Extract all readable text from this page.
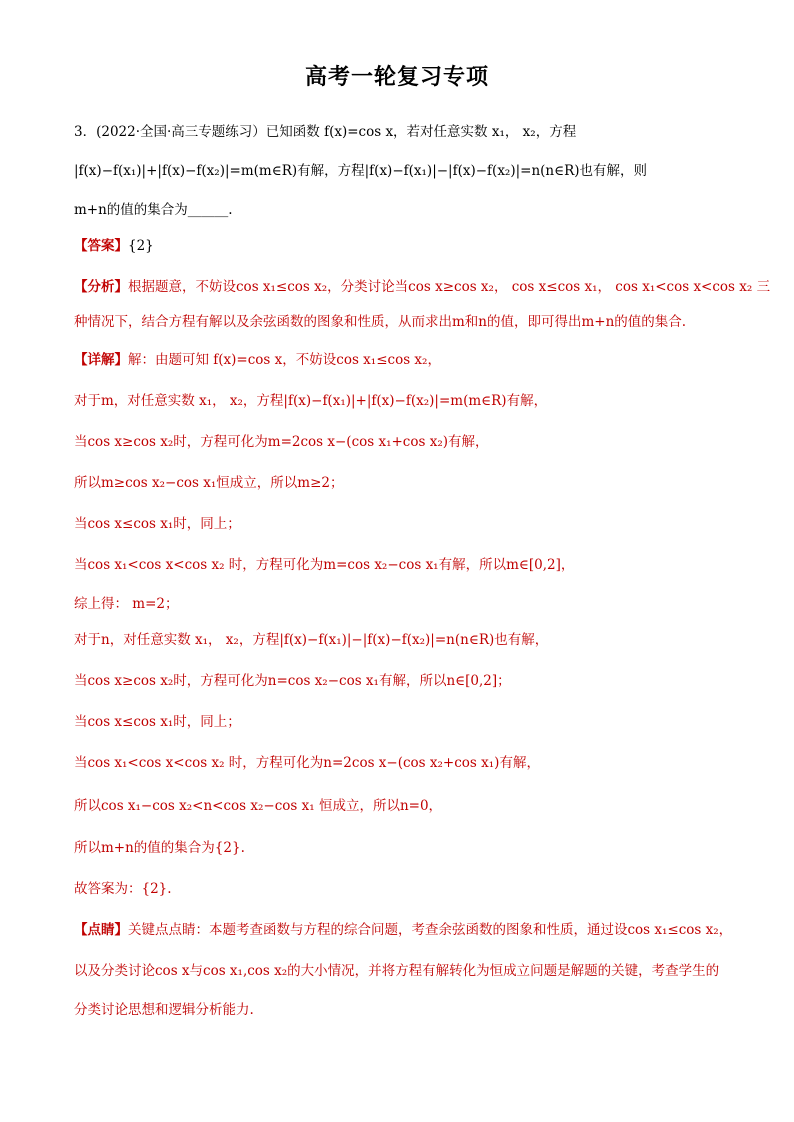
高考一轮复习专项
3．(2022·全国·高三专题练习）已知函数 f(x)=cos x，若对任意实数 x₁， x₂，方程
|f(x)−f(x₁)|+|f(x)−f(x₂)|=m(m∈R)有解，方程|f(x)−f(x₁)|−|f(x)−f(x₂)|=n(n∈R)也有解，则
m+n的值的集合为______.
【答案】{2}
【分析】根据题意，不妨设cos x₁≤cos x₂，分类讨论当cos x≥cos x₂， cos x≤cos x₁， cos x₁<cos x<cos x₂ 三
种情况下，结合方程有解以及余弦函数的图象和性质，从而求出m和n的值，即可得出m+n的值的集合.
【详解】解：由题可知 f(x)=cos x，不妨设cos x₁≤cos x₂，
对于m，对任意实数 x₁， x₂，方程|f(x)−f(x₁)|+|f(x)−f(x₂)|=m(m∈R)有解，
当cos x≥cos x₂时，方程可化为m=2cos x−(cos x₁+cos x₂)有解，
所以m≥cos x₂−cos x₁恒成立，所以m≥2；
当cos x≤cos x₁时，同上；
当cos x₁<cos x<cos x₂ 时，方程可化为m=cos x₂−cos x₁有解，所以m∈[0,2]，
综上得： m=2；
对于n，对任意实数 x₁， x₂，方程|f(x)−f(x₁)|−|f(x)−f(x₂)|=n(n∈R)也有解，
当cos x≥cos x₂时，方程可化为n=cos x₂−cos x₁有解，所以n∈[0,2]；
当cos x≤cos x₁时，同上；
当cos x₁<cos x<cos x₂ 时，方程可化为n=2cos x−(cos x₂+cos x₁)有解，
所以cos x₁−cos x₂<n<cos x₂−cos x₁ 恒成立，所以n=0，
所以m+n的值的集合为{2}.
故答案为：{2}.
【点睛】关键点点睛：本题考查函数与方程的综合问题，考查余弦函数的图象和性质，通过设cos x₁≤cos x₂，
以及分类讨论cos x与cos x₁,cos x₂的大小情况，并将方程有解转化为恒成立问题是解题的关键，考查学生的
分类讨论思想和逻辑分析能力.
